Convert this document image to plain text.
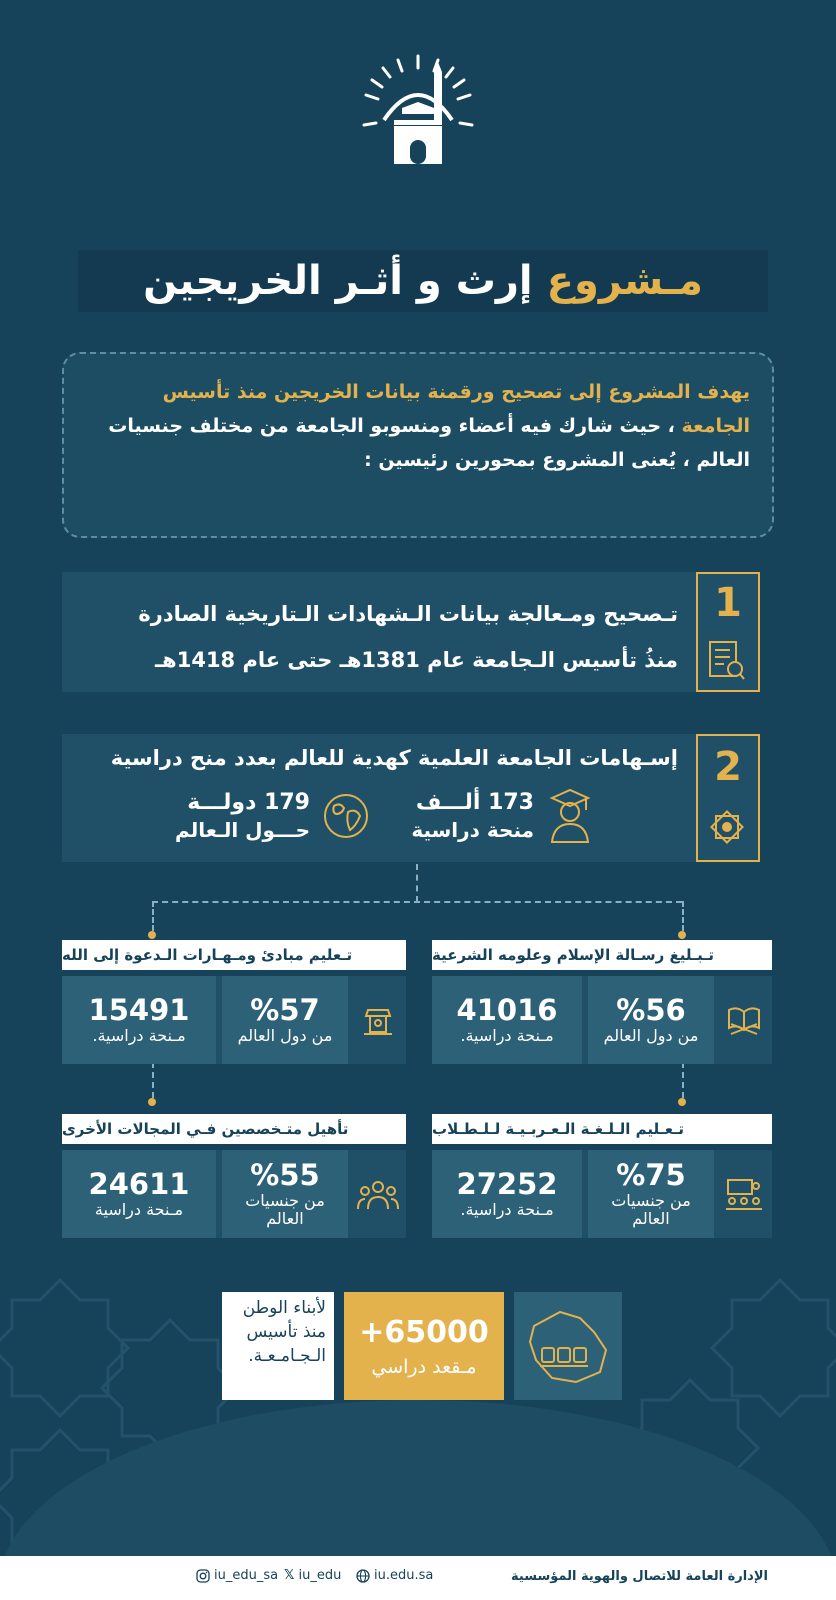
مـشروع
إرث و أثـر الخريجين
يهدف المشروع إلى تصحيح ورقمنة بيانات الخريجين منذ تأسيس الجامعة ، حيث شارك فيه أعضاء ومنسوبو الجامعة من مختلف جنسيات العالم ، يُعنى المشروع بمحورين رئيسين :
1
تـصحيح ومـعالجة بيانات الـشهادات الـتاريخية الصادرة
منذُ تأسيس الـجامعة عام 1381هـ حتى عام 1418هـ
2
إسـهامات الجامعة العلمية كهدية للعالم بعدد منح دراسية
173 ألـــف
منحة دراسية
179 دولـــة
حـــول الـعالم
تـبـليغ رسـالة الإسلام وعلومه الشرعية
%56
من دول العالم
41016
مـنحة دراسية.
تـعليم مبادئ ومـهـارات الـدعوة إلى الله
%57
من دول العالم
15491
مـنحة دراسية.
تـعـليم الـلـغـة الـعـربـيـة لـلـطـلاب
%75
من جنسيات العالم
27252
مـنحة دراسية.
تأهيل متـخصصين فـي المجالات الأخرى
%55
من جنسيات العالم
24611
مـنحة دراسية
+65000
مـقعد دراسي
لأبناء الوطن
منذ تأسيس
الـجـامـعـة.
الإدارة العامة للاتصال والهوية المؤسسية
iu.edu.sa
𝕏 iu_edu
iu_edu_sa
